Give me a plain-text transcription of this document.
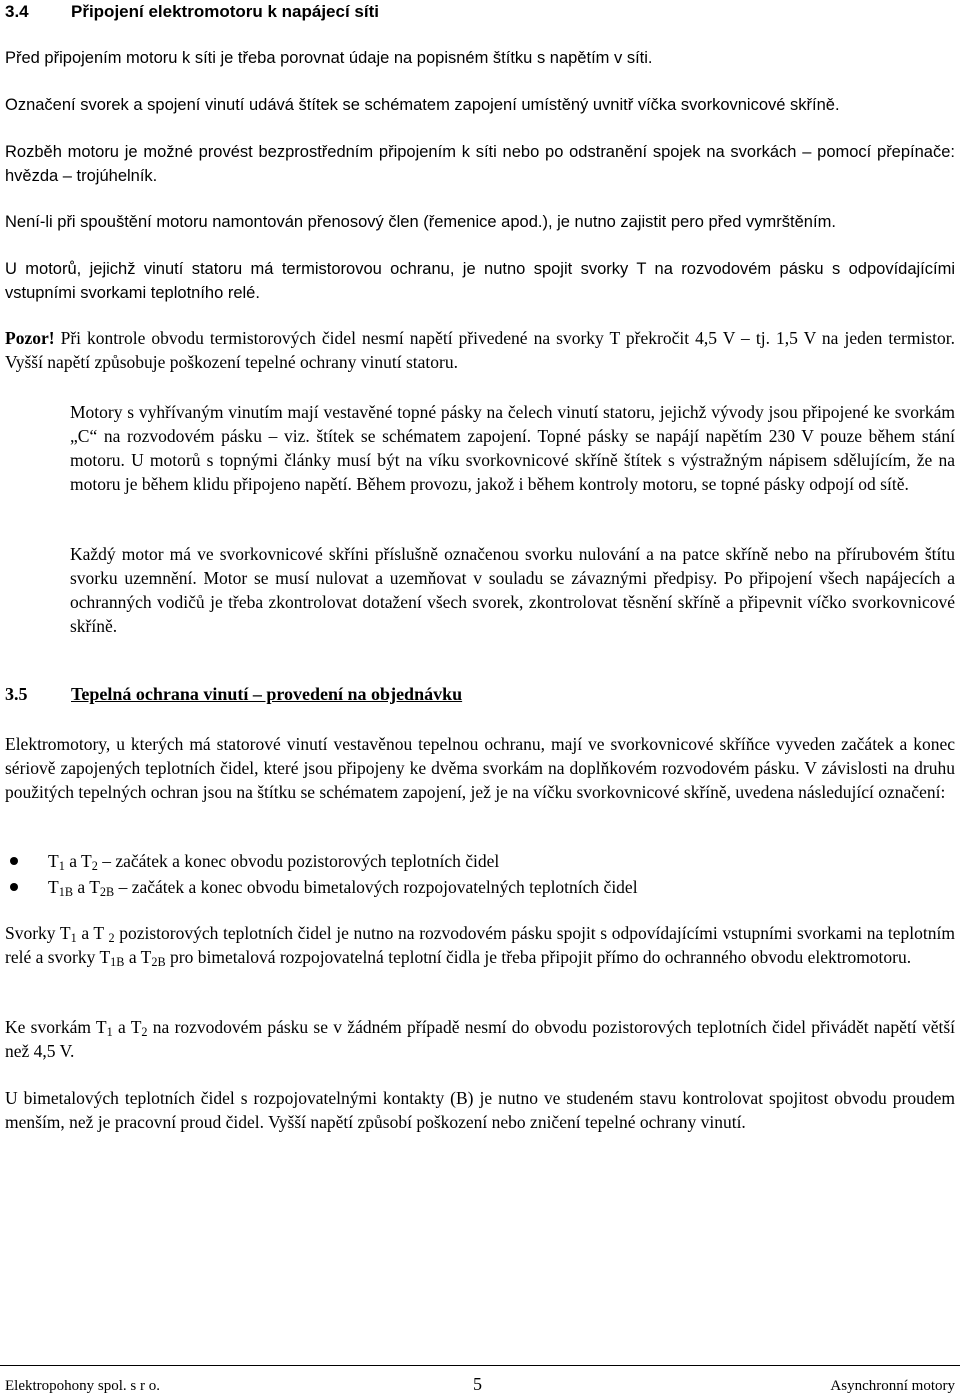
3.4 Připojení elektromotoru k napájecí síti

Před připojením motoru k síti je třeba porovnat údaje na popisném štítku s napětím v síti.

Označení svorek a spojení vinutí udává štítek se schématem zapojení umístěný uvnitř víčka svorkovnicové skříně.

Rozběh motoru je možné provést bezprostředním připojením k síti nebo po odstranění spojek na svorkách – pomocí přepínače: hvězda – trojúhelník.

Není-li při spouštění motoru namontován přenosový člen (řemenice apod.), je nutno zajistit pero před vymrštěním.

U motorů, jejichž vinutí statoru má termistorovou ochranu, je nutno spojit svorky T na rozvodovém pásku s odpovídajícími vstupními svorkami teplotního relé.

Pozor! Při kontrole obvodu termistorových čidel nesmí napětí přivedené na svorky T překročit 4,5 V – tj. 1,5 V na jeden termistor. Vyšší napětí způsobuje poškození tepelné ochrany vinutí statoru.

Motory s vyhřívaným vinutím mají vestavěné topné pásky na čelech vinutí statoru, jejichž vývody jsou připojené ke svorkám „C“ na rozvodovém pásku – viz. štítek se schématem zapojení. Topné pásky se napájí napětím 230 V pouze během stání motoru. U motorů s topnými články musí být na víku svorkovnicové skříně štítek s výstražným nápisem sdělujícím, že na motoru je během klidu připojeno napětí. Během provozu, jakož i během kontroly motoru, se topné pásky odpojí od sítě.

Každý motor má ve svorkovnicové skříni příslušně označenou svorku nulování a na patce skříně nebo na přírubovém štítu svorku uzemnění. Motor se musí nulovat a uzemňovat v souladu se závaznými předpisy. Po připojení všech napájecích a ochranných vodičů je třeba zkontrolovat dotažení všech svorek, zkontrolovat těsnění skříně a připevnit víčko svorkovnicové skříně.

3.5 Tepelná ochrana vinutí – provedení na objednávku

Elektromotory, u kterých má statorové vinutí vestavěnou tepelnou ochranu, mají ve svorkovnicové skříňce vyveden začátek a konec sériově zapojených teplotních čidel, které jsou připojeny ke dvěma svorkám na doplňkovém rozvodovém pásku. V závislosti na druhu použitých tepelných ochran jsou na štítku se schématem zapojení, jež je na víčku svorkovnicové skříně, uvedena následující označení:

$T_1$ a $T_2$ – začátek a konec obvodu pozistorových teplotních čidel
$T_{1B}$ a $T_{2B}$ – začátek a konec obvodu bimetalových rozpojovatelných teplotních čidel

Svorky $T_1$ a T $_2$ pozistorových teplotních čidel je nutno na rozvodovém pásku spojit s odpovídajícími vstupními svorkami na teplotním relé a svorky $T_{1B}$ a $T_{2B}$ pro bimetalová rozpojovatelná teplotní čidla je třeba připojit přímo do ochranného obvodu elektromotoru.

Ke svorkám $T_1$ a $T_2$ na rozvodovém pásku se v žádném případě nesmí do obvodu pozistorových teplotních čidel přivádět napětí větší než 4,5 V.

U bimetalových teplotních čidel s rozpojovatelnými kontakty (B) je nutno ve studeném stavu kontrolovat spojitost obvodu proudem menším, než je pracovní proud čidel. Vyšší napětí způsobí poškození nebo zničení tepelné ochrany vinutí.

Elektropohony spol. s r o.	5	Asynchronní motory
